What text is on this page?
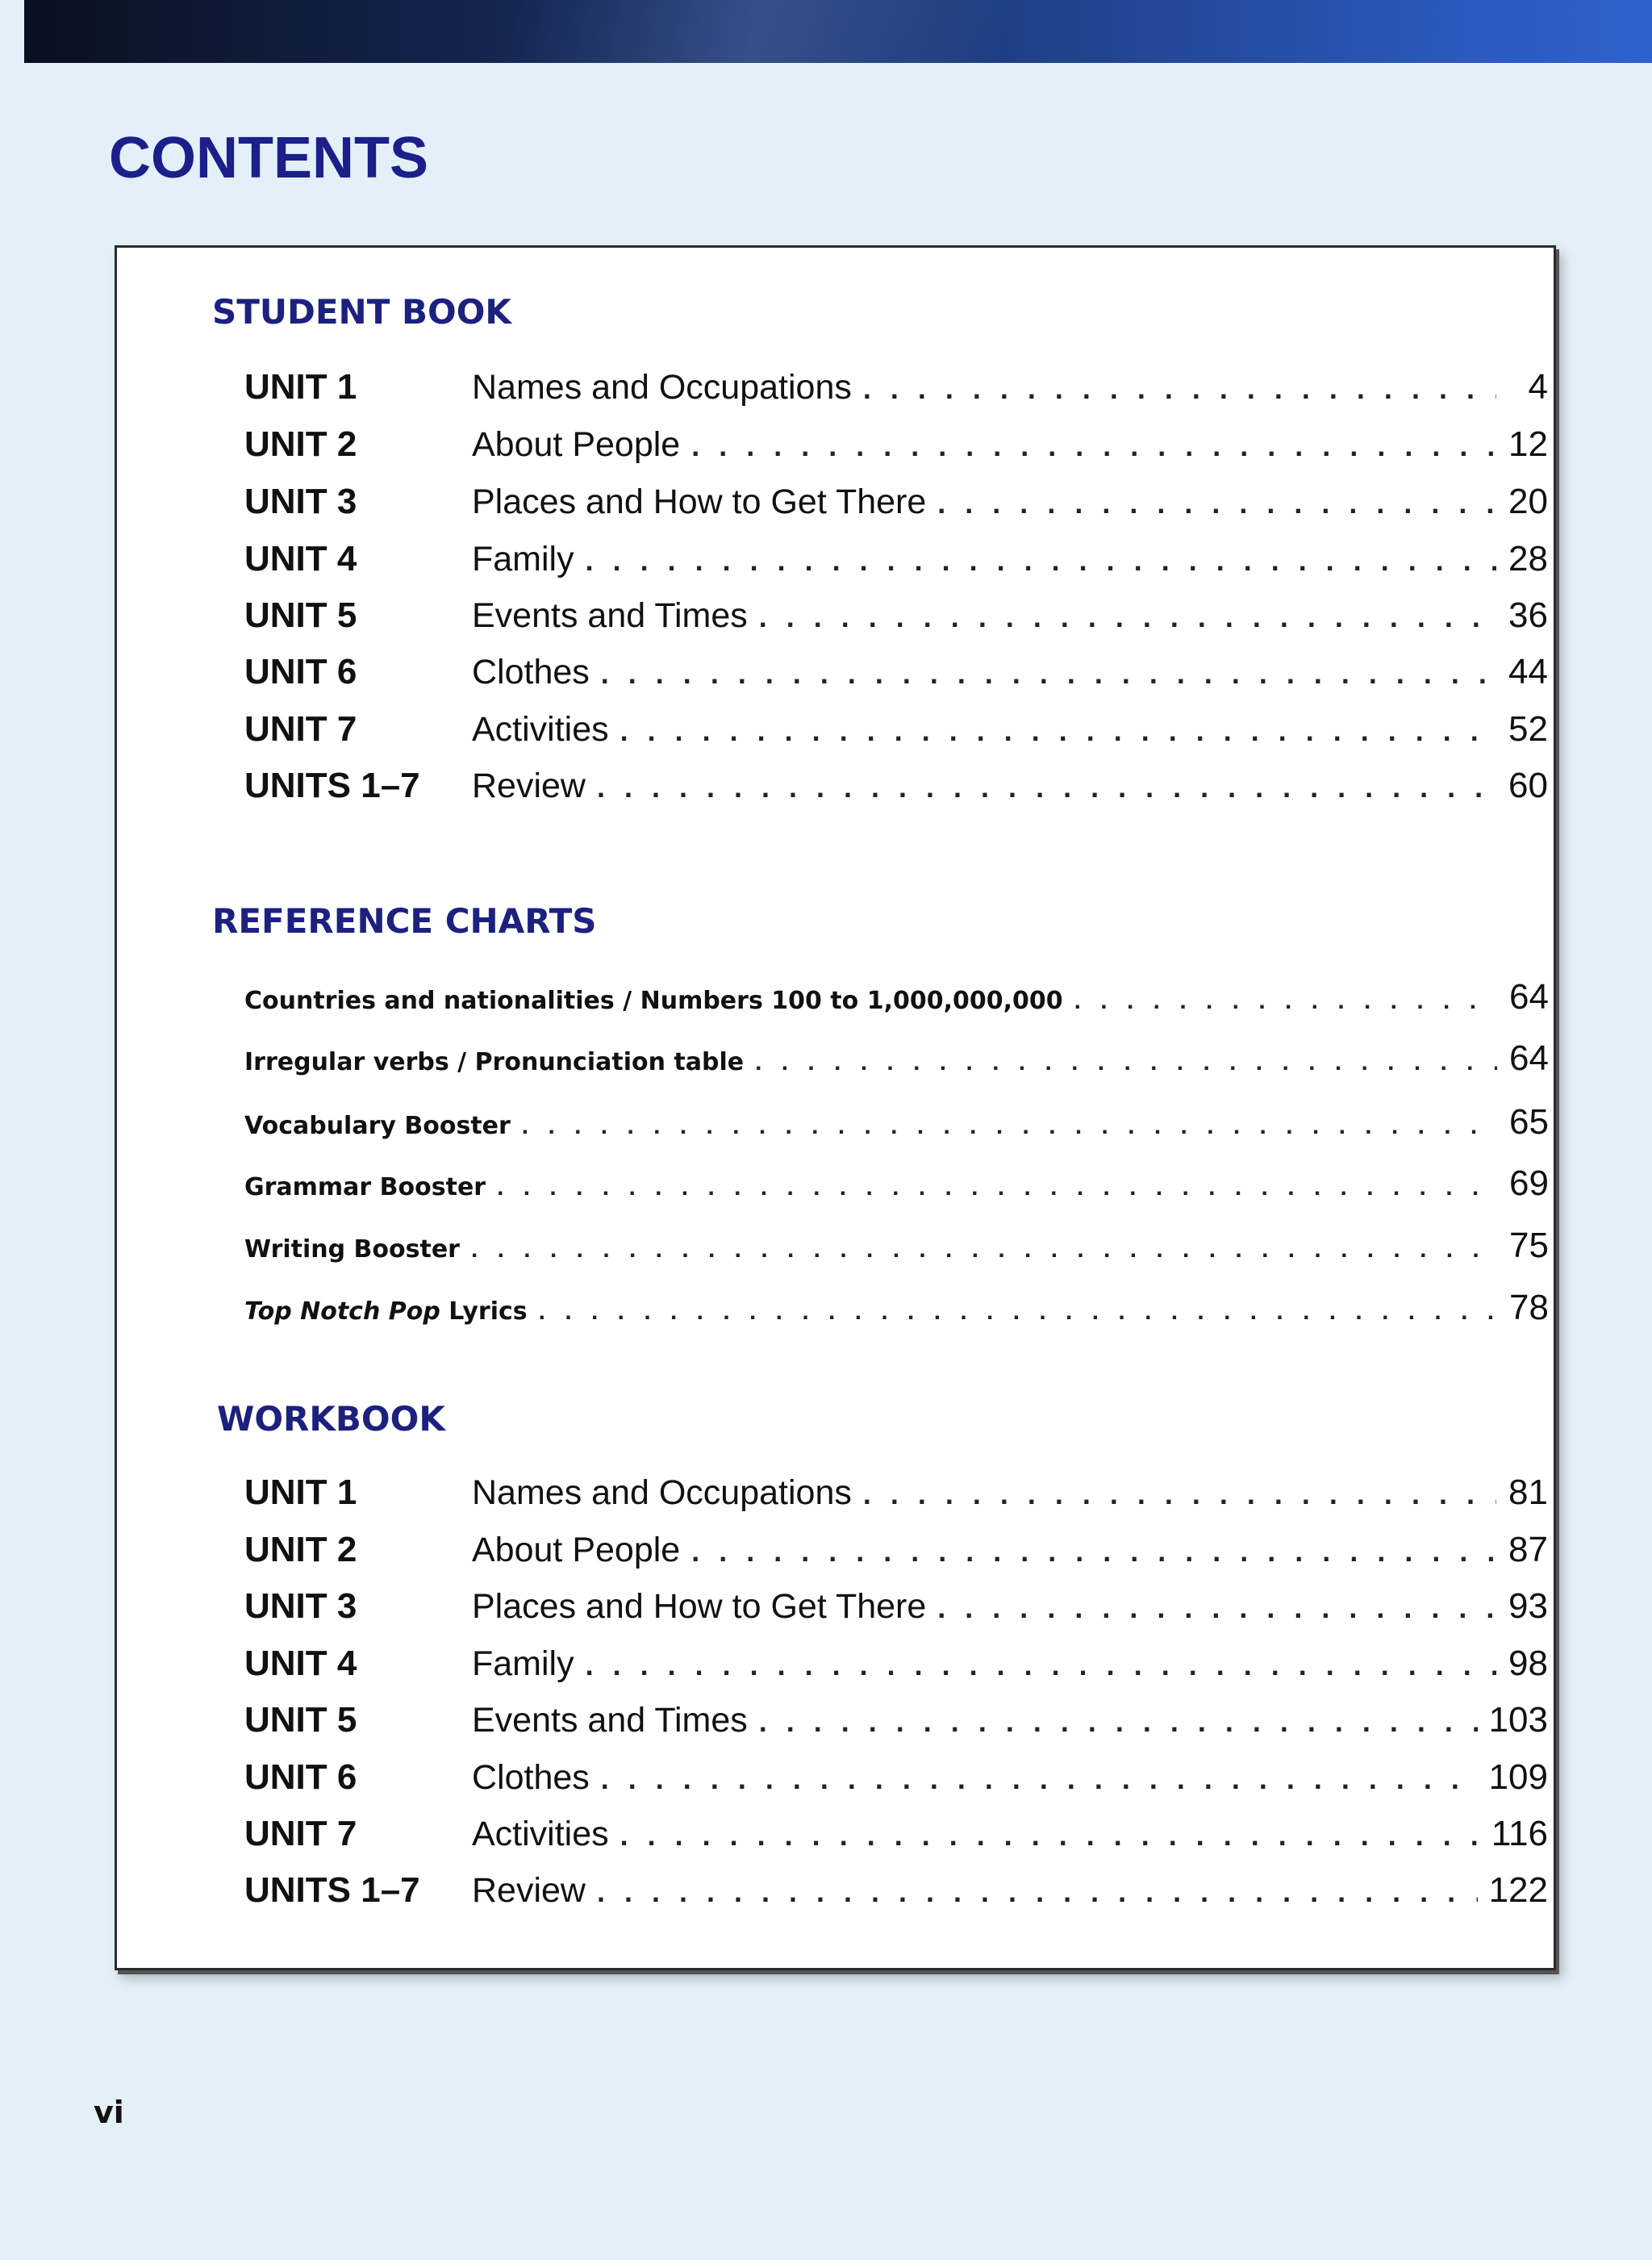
CONTENTS
STUDENT BOOK
UNIT 1	Names and Occupations . . .	4
UNIT 2	About People . . .	12
UNIT 3	Places and How to Get There . . .	20
UNIT 4	Family . . .	28
UNIT 5	Events and Times . . .	36
UNIT 6	Clothes . . .	44
UNIT 7	Activities . . .	52
UNITS 1–7	Review . . .	60
REFERENCE CHARTS
Countries and nationalities / Numbers 100 to 1,000,000,000 . . .	64
Irregular verbs / Pronunciation table . . .	64
Vocabulary Booster . . .	65
Grammar Booster . . .	69
Writing Booster . . .	75
Top Notch Pop Lyrics . . .	78
WORKBOOK
UNIT 1	Names and Occupations . . .	81
UNIT 2	About People . . .	87
UNIT 3	Places and How to Get There . . .	93
UNIT 4	Family . . .	98
UNIT 5	Events and Times . . .	103
UNIT 6	Clothes . . .	109
UNIT 7	Activities . . .	116
UNITS 1–7	Review . . .	122
vi
